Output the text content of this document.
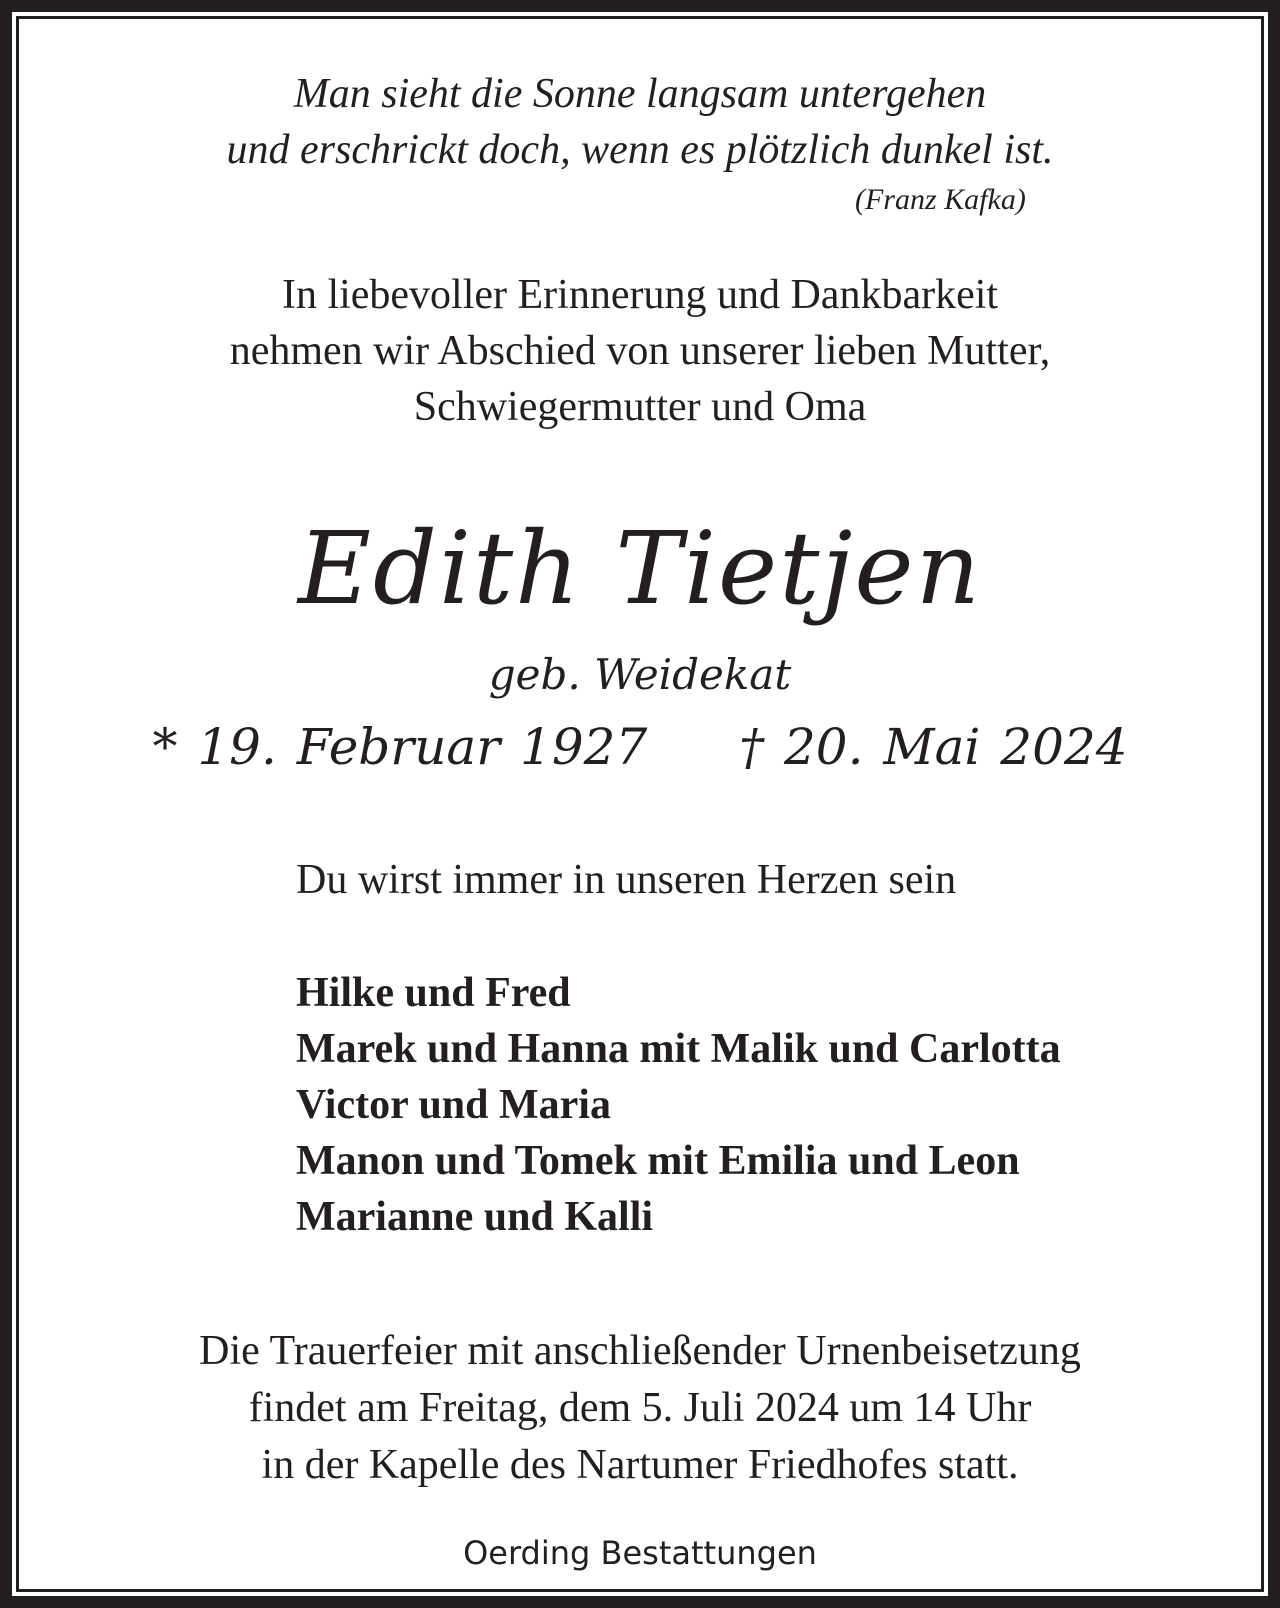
Man sieht die Sonne langsam untergehen

und erschrickt doch, wenn es plötzlich dunkel ist.

(Franz Kafka)

In liebevoller Erinnerung und Dankbarkeit

nehmen wir Abschied von unserer lieben Mutter,

Schwiegermutter und Oma

Edith Tietjen

geb. Weidekat

* 19. Februar 1927 † 20. Mai 2024

Du wirst immer in unseren Herzen sein

Hilke und Fred
Marek und Hanna mit Malik und Carlotta
Victor und Maria
Manon und Tomek mit Emilia und Leon
Marianne und Kalli

Die Trauerfeier mit anschließender Urnenbeisetzung

findet am Freitag, dem 5. Juli 2024 um 14 Uhr

in der Kapelle des Nartumer Friedhofes statt.

Oerding Bestattungen
